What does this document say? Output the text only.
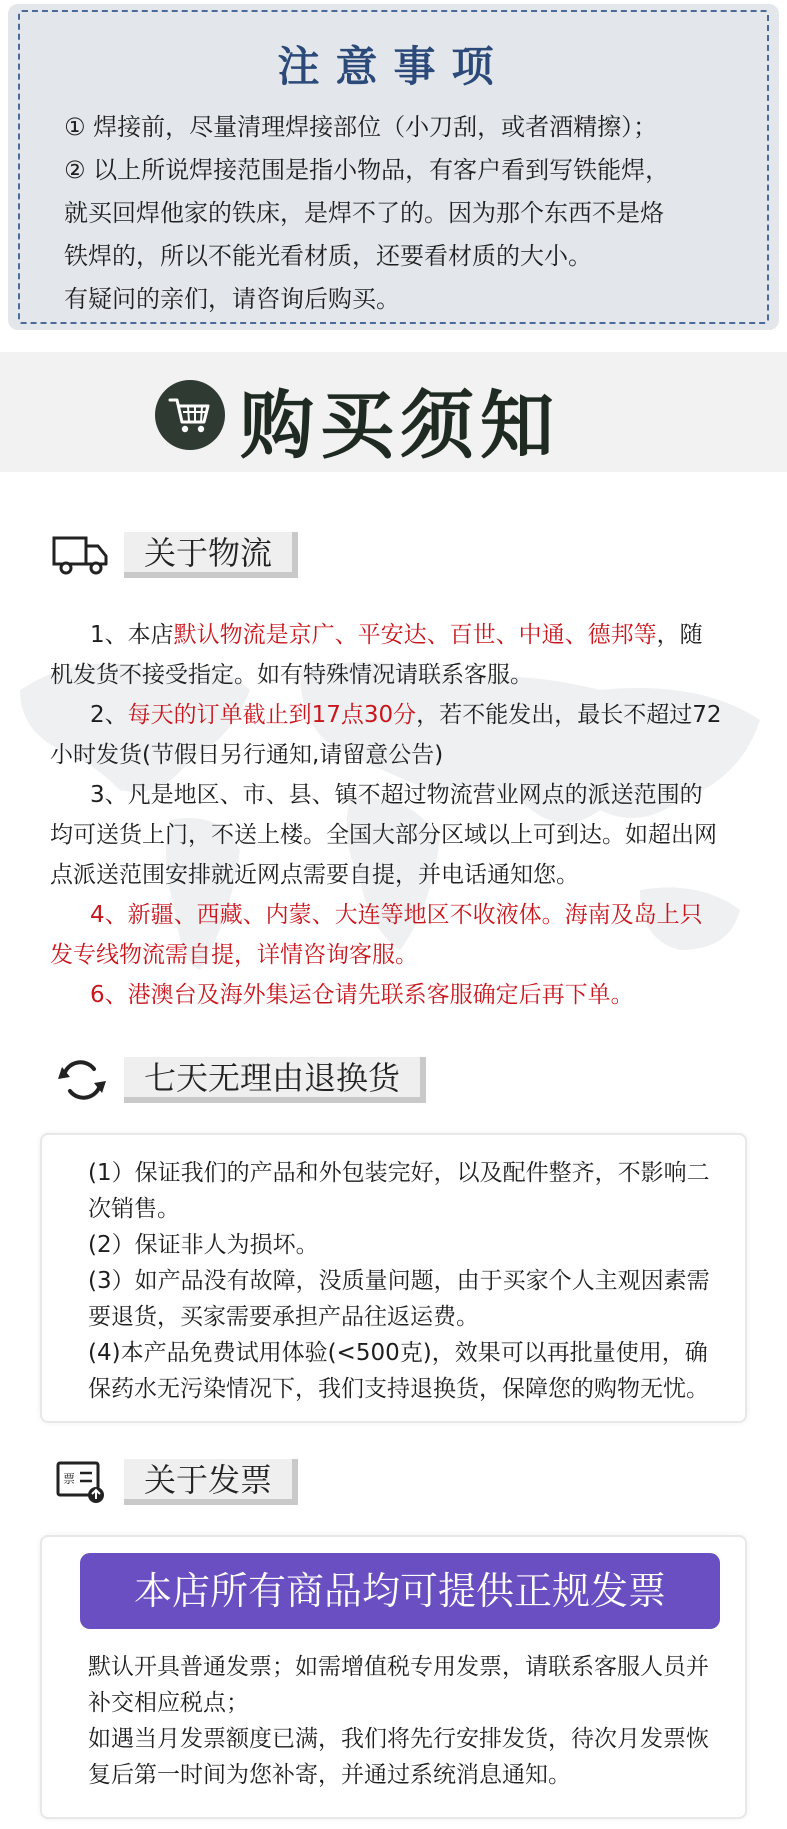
注意事项

① 焊接前，尽量清理焊接部位（小刀刮，或者酒精擦）；

② 以上所说焊接范围是指小物品，有客户看到写铁能焊，

就买回焊他家的铁床，是焊不了的。因为那个东西不是烙

铁焊的，所以不能光看材质，还要看材质的大小。

有疑问的亲们，请咨询后购买。

购买须知
关于物流

1、本店默认物流是京广、平安达、百世、中通、德邦等，随

机发货不接受指定。如有特殊情况请联系客服。

2、每天的订单截止到17点30分，若不能发出，最长不超过72

小时发货(节假日另行通知,请留意公告)

3、凡是地区、市、县、镇不超过物流营业网点的派送范围的

均可送货上门，不送上楼。全国大部分区域以上可到达。如超出网

点派送范围安排就近网点需要自提，并电话通知您。

4、新疆、西藏、内蒙、大连等地区不收液体。海南及岛上只

发专线物流需自提，详情咨询客服。

6、港澳台及海外集运仓请先联系客服确定后再下单。

七天无理由退换货

(1）保证我们的产品和外包装完好，以及配件整齐，不影响二

次销售。

(2）保证非人为损坏。

(3）如产品没有故障，没质量问题，由于买家个人主观因素需

要退货，买家需要承担产品往返运费。

(4)本产品免费试用体验(<500克)，效果可以再批量使用，确

保药水无污染情况下，我们支持退换货，保障您的购物无忧。

票	关于发票
本店所有商品均可提供正规发票

默认开具普通发票；如需增值税专用发票，请联系客服人员并

补交相应税点；

如遇当月发票额度已满，我们将先行安排发货，待次月发票恢

复后第一时间为您补寄，并通过系统消息通知。
